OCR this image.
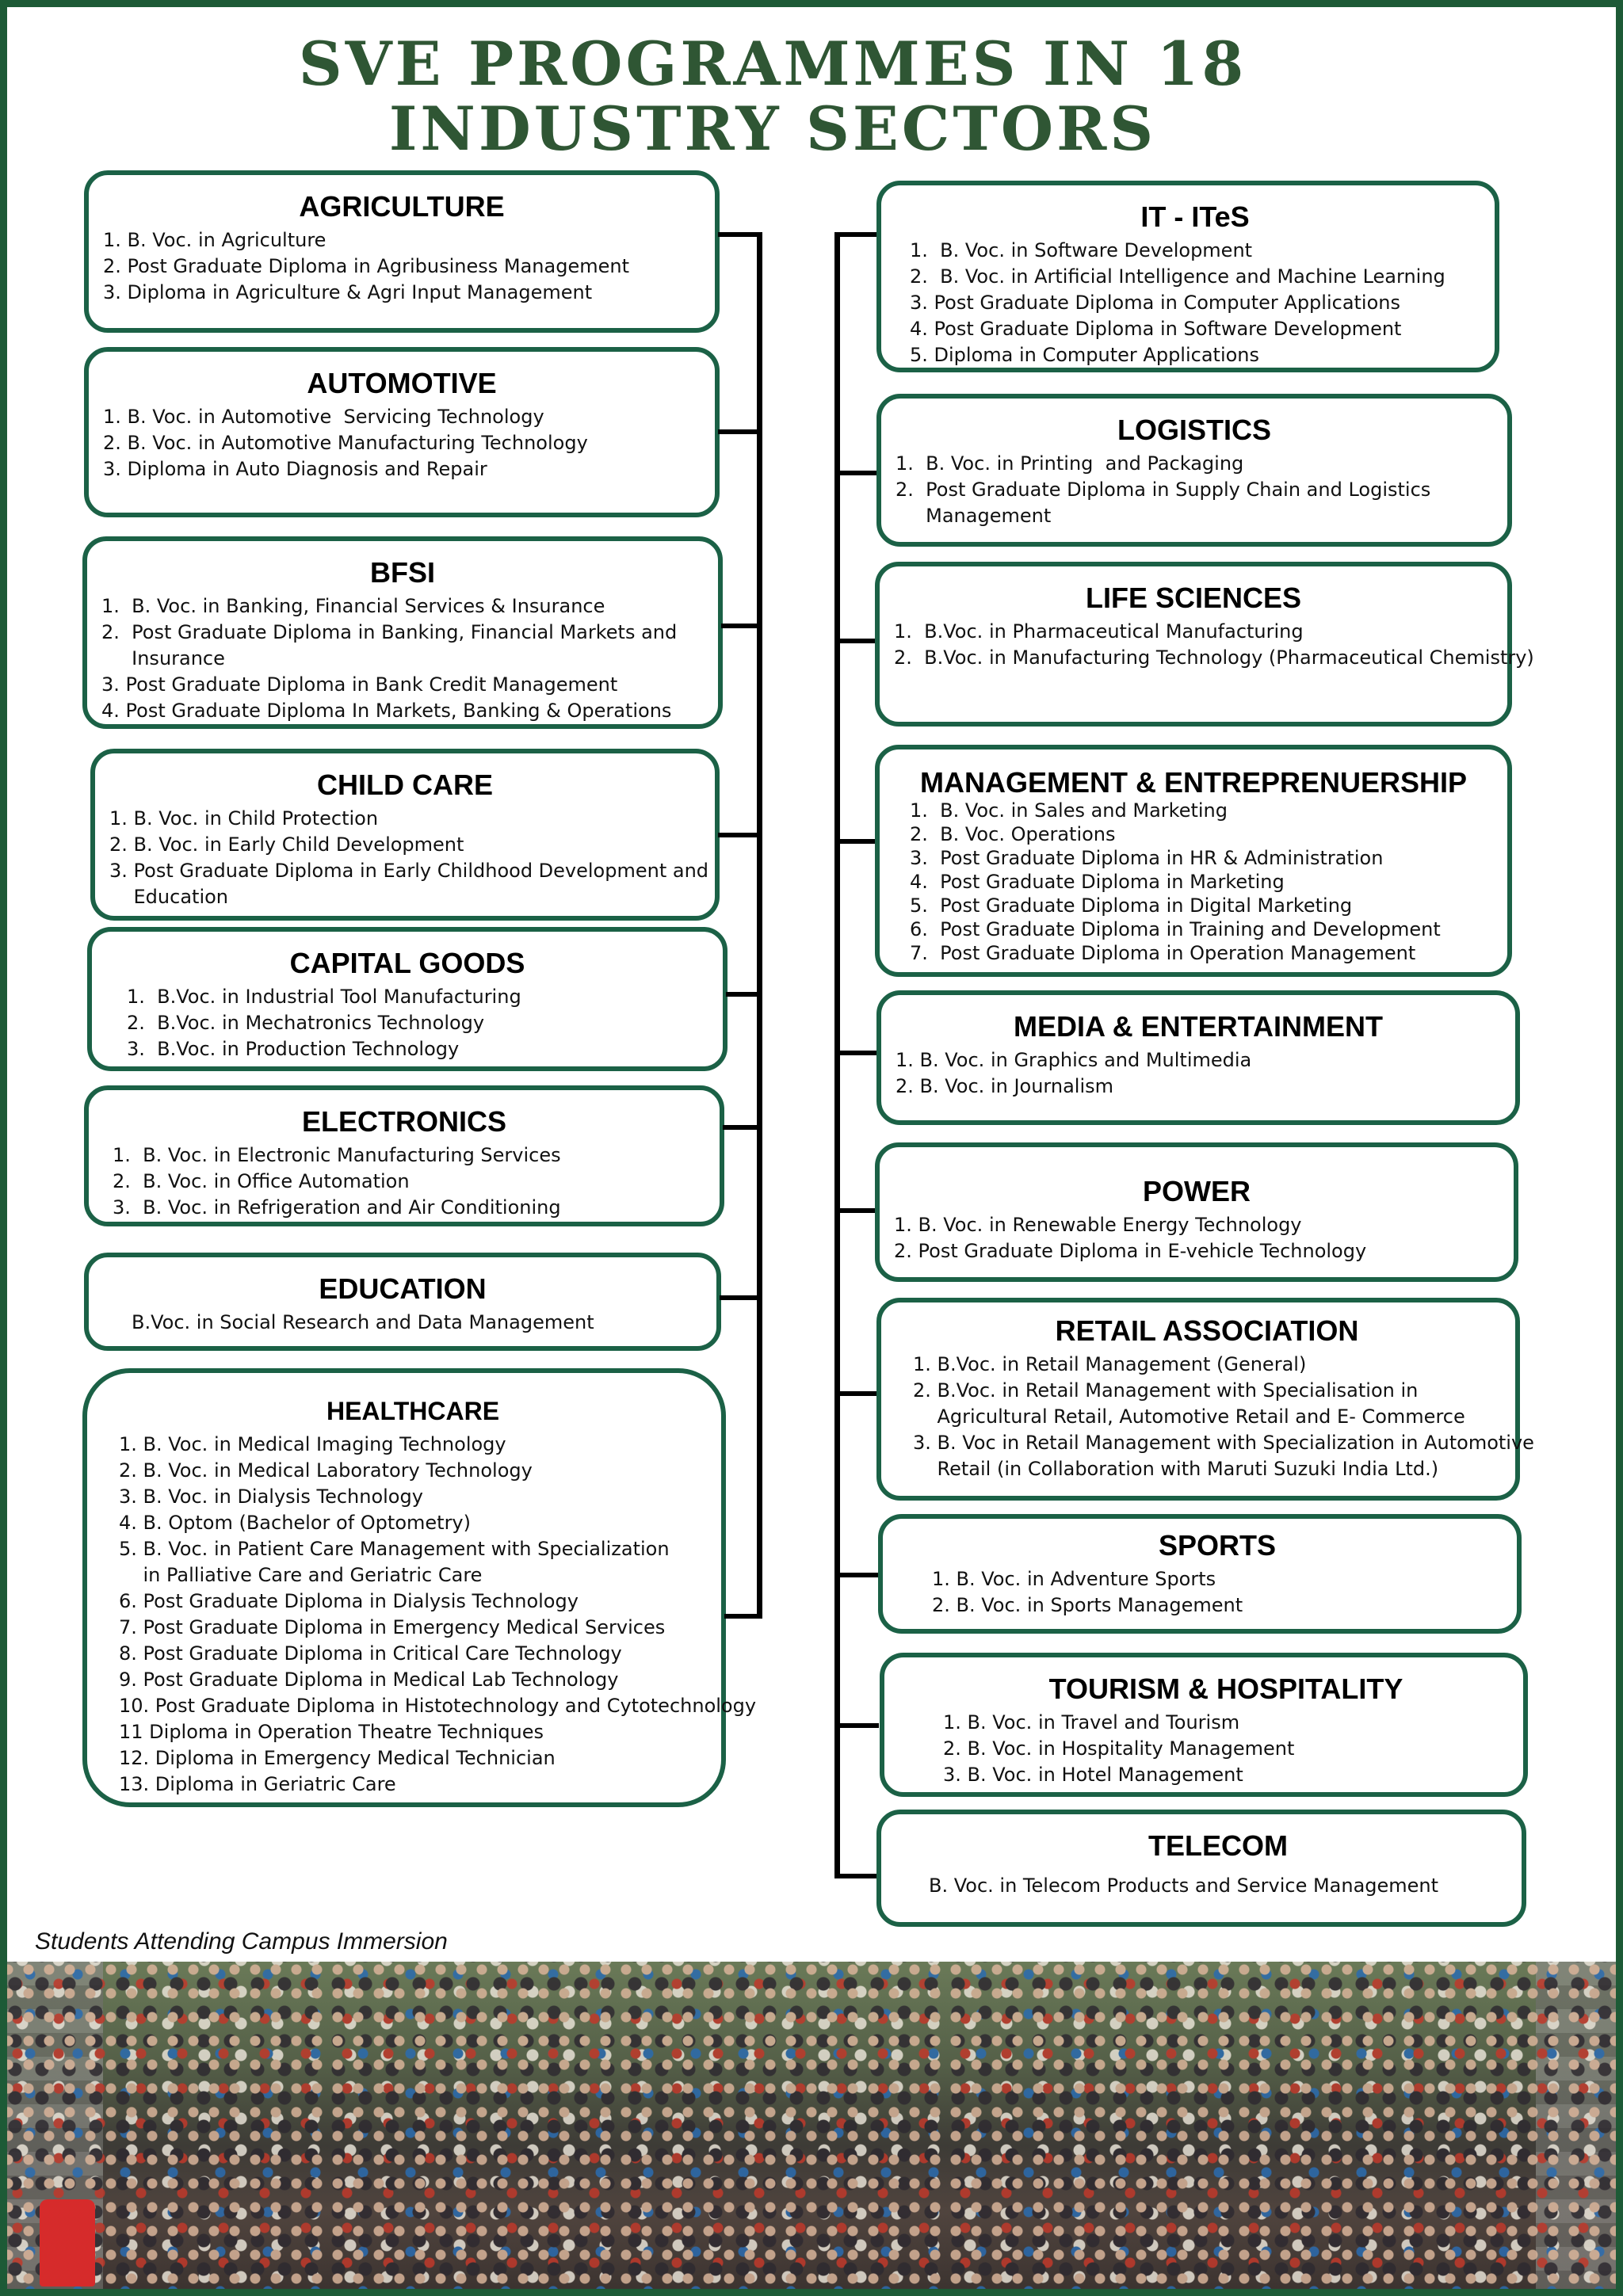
SVE PROGRAMMES IN 18 INDUSTRY SECTORS
AGRICULTURE
1. B. Voc. in Agriculture
2. Post Graduate Diploma in Agribusiness Management
3. Diploma in Agriculture & Agri Input Management
AUTOMOTIVE
1. B. Voc. in Automotive  Servicing Technology
2. B. Voc. in Automotive Manufacturing Technology
3. Diploma in Auto Diagnosis and Repair
BFSI
1.  B. Voc. in Banking, Financial Services & Insurance
2.  Post Graduate Diploma in Banking, Financial Markets and
Insurance
3. Post Graduate Diploma in Bank Credit Management
4. Post Graduate Diploma In Markets, Banking & Operations
CHILD CARE
1. B. Voc. in Child Protection
2. B. Voc. in Early Child Development
3. Post Graduate Diploma in Early Childhood Development and
Education
CAPITAL GOODS
1.  B.Voc. in Industrial Tool Manufacturing
2.  B.Voc. in Mechatronics Technology
3.  B.Voc. in Production Technology
ELECTRONICS
1.  B. Voc. in Electronic Manufacturing Services
2.  B. Voc. in Office Automation
3.  B. Voc. in Refrigeration and Air Conditioning
EDUCATION
B.Voc. in Social Research and Data Management
HEALTHCARE
1. B. Voc. in Medical Imaging Technology
2. B. Voc. in Medical Laboratory Technology
3. B. Voc. in Dialysis Technology
4. B. Optom (Bachelor of Optometry)
5. B. Voc. in Patient Care Management with Specialization
in Palliative Care and Geriatric Care
6. Post Graduate Diploma in Dialysis Technology
7. Post Graduate Diploma in Emergency Medical Services
8. Post Graduate Diploma in Critical Care Technology
9. Post Graduate Diploma in Medical Lab Technology
10. Post Graduate Diploma in Histotechnology and Cytotechnology
11 Diploma in Operation Theatre Techniques
12. Diploma in Emergency Medical Technician
13. Diploma in Geriatric Care
IT - ITeS
1.  B. Voc. in Software Development
2.  B. Voc. in Artificial Intelligence and Machine Learning
3. Post Graduate Diploma in Computer Applications
4. Post Graduate Diploma in Software Development
5. Diploma in Computer Applications
LOGISTICS
1.  B. Voc. in Printing  and Packaging
2.  Post Graduate Diploma in Supply Chain and Logistics
Management
LIFE SCIENCES
1.  B.Voc. in Pharmaceutical Manufacturing
2.  B.Voc. in Manufacturing Technology (Pharmaceutical Chemistry)
MANAGEMENT & ENTREPRENUERSHIP
1.  B. Voc. in Sales and Marketing
2.  B. Voc. Operations
3.  Post Graduate Diploma in HR & Administration
4.  Post Graduate Diploma in Marketing
5.  Post Graduate Diploma in Digital Marketing
6.  Post Graduate Diploma in Training and Development
7.  Post Graduate Diploma in Operation Management
MEDIA & ENTERTAINMENT
1. B. Voc. in Graphics and Multimedia
2. B. Voc. in Journalism
POWER
1. B. Voc. in Renewable Energy Technology
2. Post Graduate Diploma in E-vehicle Technology
RETAIL ASSOCIATION
1. B.Voc. in Retail Management (General)
2. B.Voc. in Retail Management with Specialisation in
Agricultural Retail, Automotive Retail and E- Commerce
3. B. Voc in Retail Management with Specialization in Automotive
Retail (in Collaboration with Maruti Suzuki India Ltd.)
SPORTS
1. B. Voc. in Adventure Sports
2. B. Voc. in Sports Management
TOURISM & HOSPITALITY
1. B. Voc. in Travel and Tourism
2. B. Voc. in Hospitality Management
3. B. Voc. in Hotel Management
TELECOM
B. Voc. in Telecom Products and Service Management
Students Attending Campus Immersion
